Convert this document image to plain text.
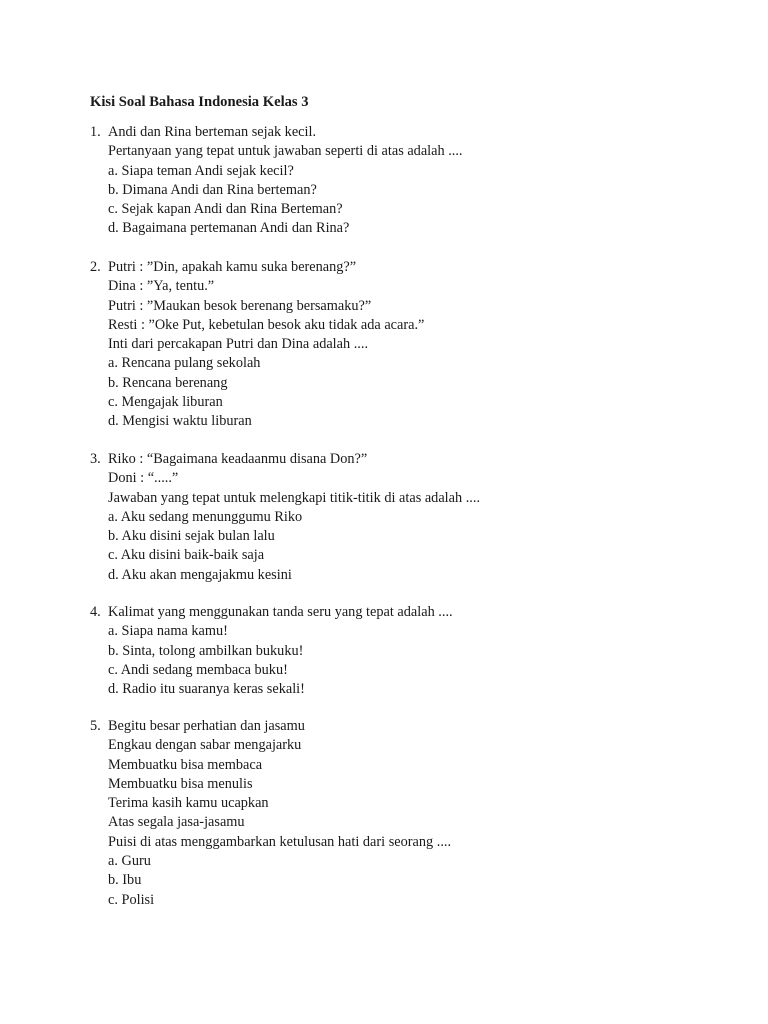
Kisi Soal Bahasa Indonesia Kelas 3
1. Andi dan Rina berteman sejak kecil.
Pertanyaan yang tepat untuk jawaban seperti di atas adalah ....
a. Siapa teman Andi sejak kecil?
b. Dimana Andi dan Rina berteman?
c. Sejak kapan Andi dan Rina Berteman?
d. Bagaimana pertemanan Andi dan Rina?
2. Putri : ”Din, apakah kamu suka berenang?”
Dina : ”Ya, tentu.”
Putri : ”Maukan besok berenang bersamaku?”
Resti : ”Oke Put, kebetulan besok aku tidak ada acara.”
Inti dari percakapan Putri dan Dina adalah ....
a. Rencana pulang sekolah
b. Rencana berenang
c. Mengajak liburan
d. Mengisi waktu liburan
3. Riko : “Bagaimana keadaanmu disana Don?”
Doni : “.....”
Jawaban yang tepat untuk melengkapi titik-titik di atas adalah ....
a. Aku sedang menunggumu Riko
b. Aku disini sejak bulan lalu
c. Aku disini baik-baik saja
d. Aku akan mengajakmu kesini
4. Kalimat yang menggunakan tanda seru yang tepat adalah ....
a. Siapa nama kamu!
b. Sinta, tolong ambilkan bukuku!
c. Andi sedang membaca buku!
d. Radio itu suaranya keras sekali!
5. Begitu besar perhatian dan jasamu
Engkau dengan sabar mengajarku
Membuatku bisa membaca
Membuatku bisa menulis
Terima kasih kamu ucapkan
Atas segala jasa-jasamu
Puisi di atas menggambarkan ketulusan hati dari seorang ....
a. Guru
b. Ibu
c. Polisi
